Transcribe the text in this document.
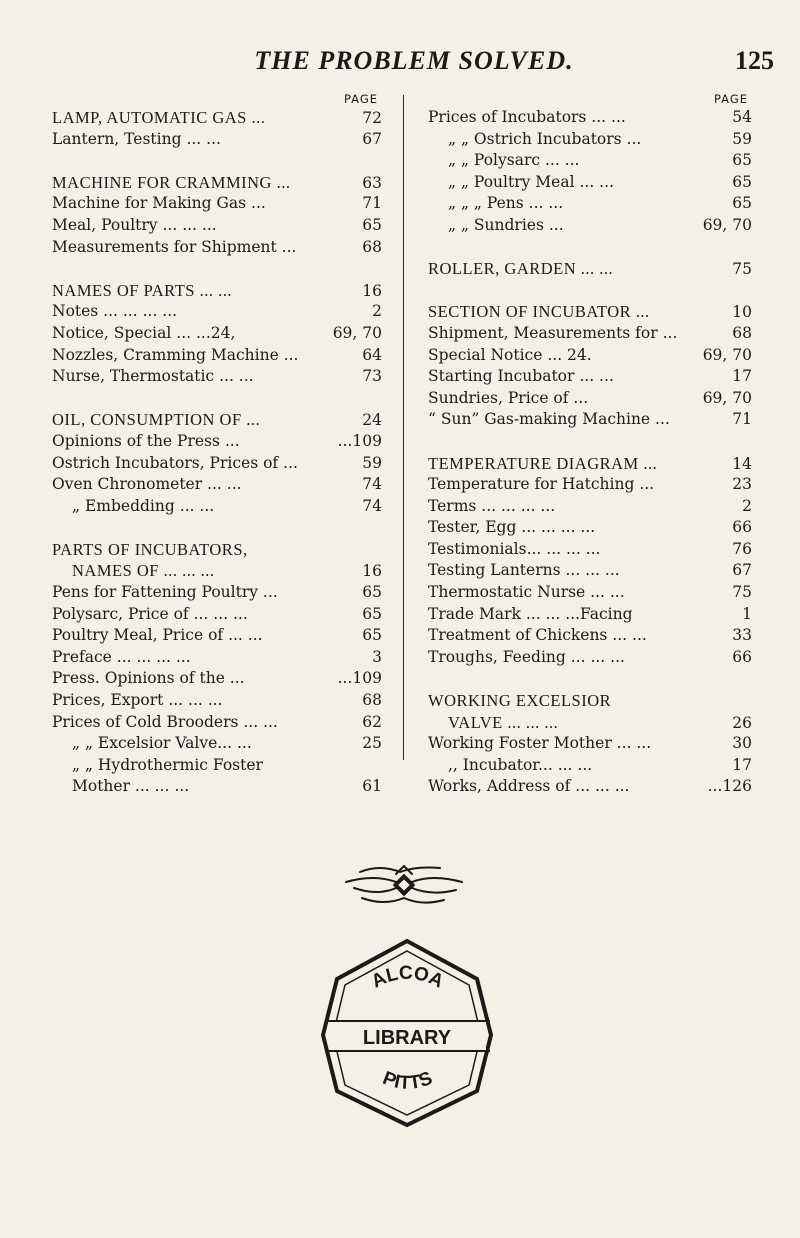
THE PROBLEM SOLVED.	125
PAGE
LAMP, AUTOMATIC GAS ...	72
Lantern, Testing ... ...	67
MACHINE FOR CRAMMING ...	63
Machine for Making Gas ...	71
Meal, Poultry ... ... ...	65
Measurements for Shipment ...	68
NAMES OF PARTS ... ...	16
Notes ... ... ... ...	2
Notice, Special ... ...24,	69, 70
Nozzles, Cramming Machine ...	64
Nurse, Thermostatic ... ...	73
OIL, CONSUMPTION OF ...	24
Opinions of the Press ...	...109
Ostrich Incubators, Prices of ...	59
Oven Chronometer ... ...	74
„ Embedding ... ...	74
PARTS OF INCUBATORS,
NAMES OF ... ... ...	16
Pens for Fattening Poultry ...	65
Polysarc, Price of ... ... ...	65
Poultry Meal, Price of ... ...	65
Preface ... ... ... ...	3
Press. Opinions of the ...	...109
Prices, Export ... ... ...	68
Prices of Cold Brooders ... ...	62
„ „ Excelsior Valve... ...	25
„ „ Hydrothermic Foster
Mother ... ... ...	61
PAGE
Prices of Incubators ... ...	54
„ „ Ostrich Incubators ...	59
„ „ Polysarc ... ...	65
„ „ Poultry Meal ... ...	65
„ „ „ Pens ... ...	65
„ „ Sundries ...	69, 70
ROLLER, GARDEN ... ...	75
SECTION OF INCUBATOR ...	10
Shipment, Measurements for ...	68
Special Notice ... 24.	69, 70
Starting Incubator ... ...	17
Sundries, Price of ...	69, 70
“ Sun” Gas-making Machine ...	71
TEMPERATURE DIAGRAM ...	14
Temperature for Hatching ...	23
Terms ... ... ... ...	2
Tester, Egg ... ... ... ...	66
Testimonials... ... ... ...	76
Testing Lanterns ... ... ...	67
Thermostatic Nurse ... ...	75
Trade Mark ... ... ...Facing	1
Treatment of Chickens ... ...	33
Troughs, Feeding ... ... ...	66
WORKING EXCELSIOR
VALVE ... ... ...	26
Working Foster Mother ... ...	30
,, Incubator... ... ...	17
Works, Address of ... ... ...	...126
ALCOA
LIBRARY
PITTS
